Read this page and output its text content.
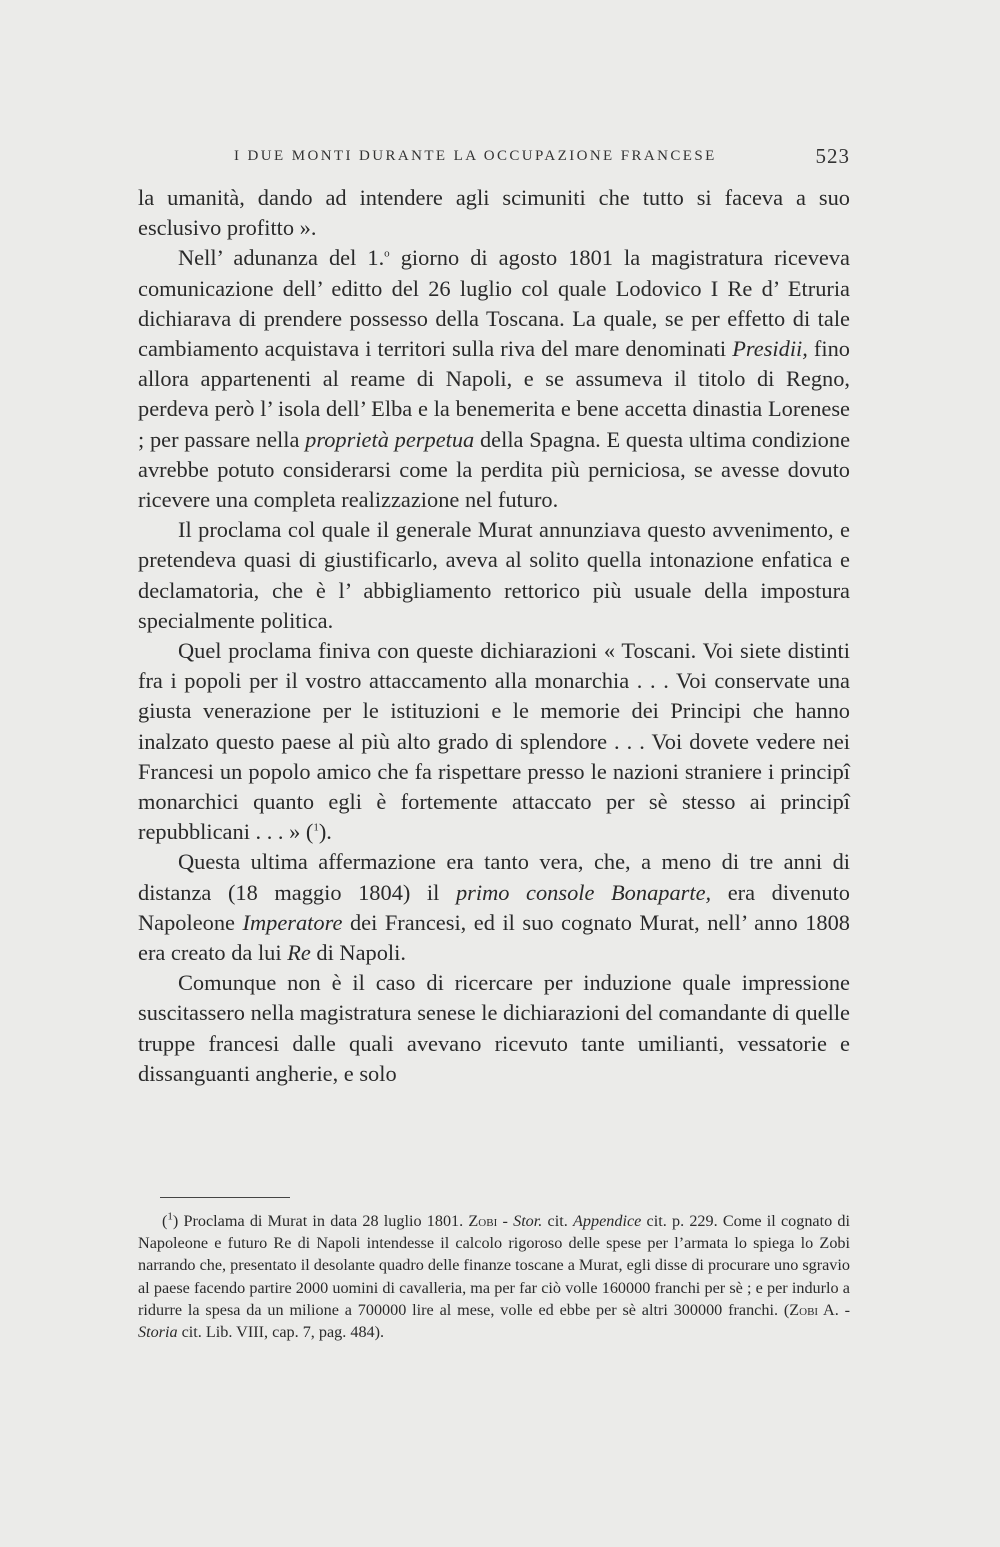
I DUE MONTI DURANTE LA OCCUPAZIONE FRANCESE	523

la umanità, dando ad intendere agli scimuniti che tutto si faceva a suo esclusivo profitto ».

Nell’ adunanza del 1.$^o$ giorno di agosto 1801 la magistratura riceveva comunicazione dell’ editto del 26 luglio col quale Lodovico I Re d’ Etruria dichiarava di prendere possesso della Toscana. La quale, se per effetto di tale cambiamento acquistava i territori sulla riva del mare denominati Presidii, fino allora appartenenti al reame di Napoli, e se assumeva il titolo di Regno, perdeva però l’ isola dell’ Elba e la benemerita e bene accetta dinastia Lorenese ; per passare nella proprietà perpetua della Spagna. E questa ultima condizione avrebbe potuto considerarsi come la perdita più perniciosa, se avesse dovuto ricevere una completa realizzazione nel futuro.

Il proclama col quale il generale Murat annunziava questo avvenimento, e pretendeva quasi di giustificarlo, aveva al solito quella intonazione enfatica e declamatoria, che è l’ abbigliamento rettorico più usuale della impostura specialmente politica.

Quel proclama finiva con queste dichiarazioni « Toscani. Voi siete distinti fra i popoli per il vostro attaccamento alla monarchia . . . Voi conservate una giusta venerazione per le istituzioni e le memorie dei Principi che hanno inalzato questo paese al più alto grado di splendore . . . Voi dovete vedere nei Francesi un popolo amico che fa rispettare presso le nazioni straniere i principî monarchici quanto egli è fortemente attaccato per sè stesso ai principî repubblicani . . . » ($^1$).

Questa ultima affermazione era tanto vera, che, a meno di tre anni di distanza (18 maggio 1804) il primo console Bonaparte, era divenuto Napoleone Imperatore dei Francesi, ed il suo cognato Murat, nell’ anno 1808 era creato da lui Re di Napoli.

Comunque non è il caso di ricercare per induzione quale impressione suscitassero nella magistratura senese le dichiarazioni del comandante di quelle truppe francesi dalle quali avevano ricevuto tante umilianti, vessatorie e dissanguanti angherie, e solo

($^1$) Proclama di Murat in data 28 luglio 1801. Zobi - Stor. cit. Appendice cit. p. 229. Come il cognato di Napoleone e futuro Re di Napoli intendesse il calcolo rigoroso delle spese per l’armata lo spiega lo Zobi narrando che, presentato il desolante quadro delle finanze toscane a Murat, egli disse di procurare uno sgravio al paese facendo partire 2000 uomini di cavalleria, ma per far ciò volle 160000 franchi per sè ; e per indurlo a ridurre la spesa da un milione a 700000 lire al mese, volle ed ebbe per sè altri 300000 franchi. (Zobi A. - Storia cit. Lib. VIII, cap. 7, pag. 484).
